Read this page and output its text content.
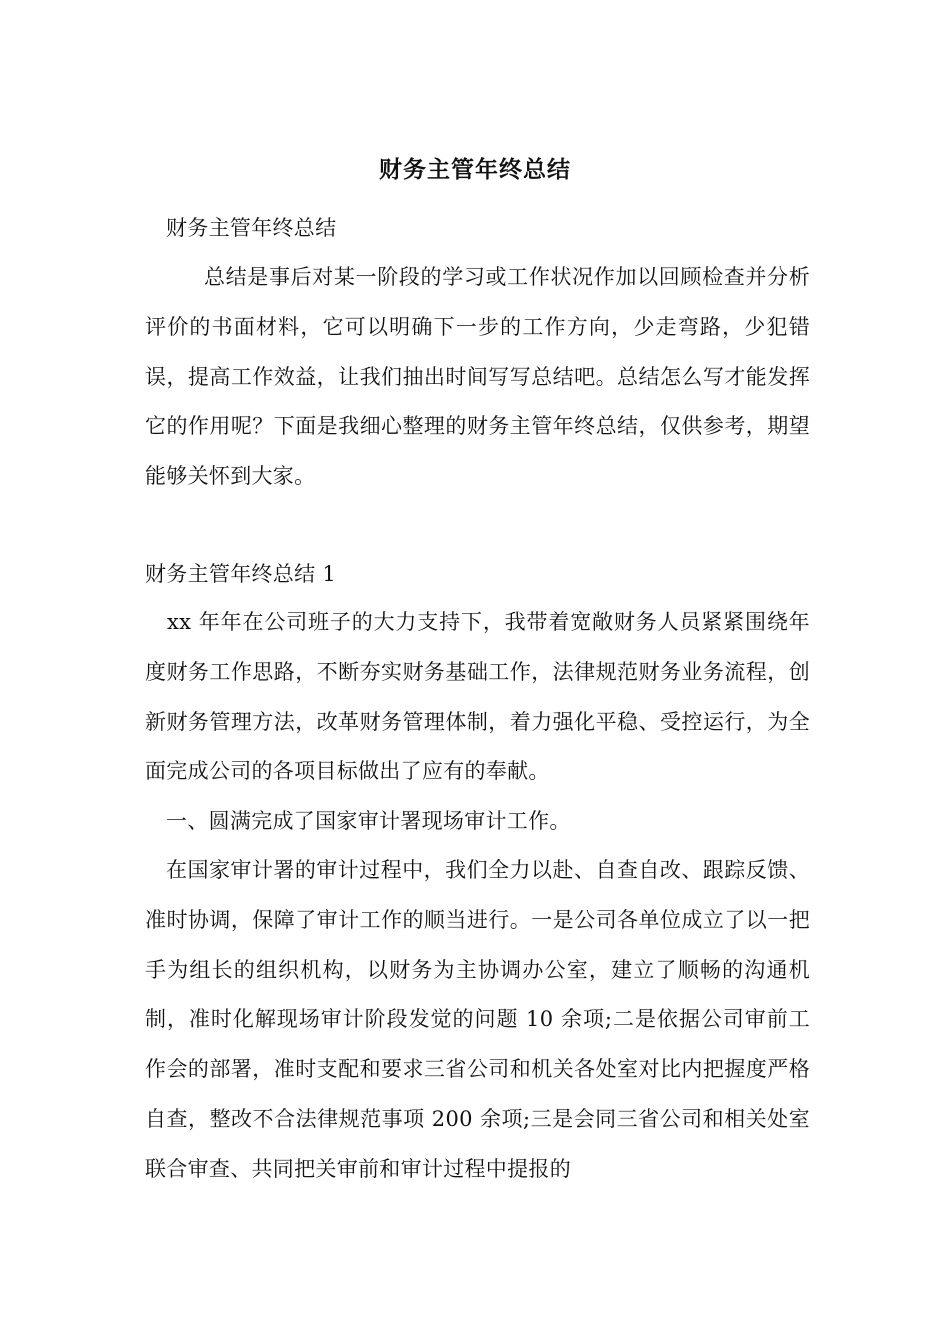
财务主管年终总结

财务主管年终总结

总结是事后对某一阶段的学习或工作状况作加以回顾检查并分析评价的书面材料，它可以明确下一步的工作方向，少走弯路，少犯错误，提高工作效益，让我们抽出时间写写总结吧。总结怎么写才能发挥它的作用呢？下面是我细心整理的财务主管年终总结，仅供参考，期望能够关怀到大家。

财务主管年终总结 1

xx 年年在公司班子的大力支持下，我带着宽敞财务人员紧紧围绕年度财务工作思路，不断夯实财务基础工作，法律规范财务业务流程，创新财务管理方法，改革财务管理体制，着力强化平稳、受控运行，为全面完成公司的各项目标做出了应有的奉献。

一、圆满完成了国家审计署现场审计工作。

在国家审计署的审计过程中，我们全力以赴、自查自改、跟踪反馈、准时协调，保障了审计工作的顺当进行。一是公司各单位成立了以一把手为组长的组织机构，以财务为主协调办公室，建立了顺畅的沟通机制，准时化解现场审计阶段发觉的问题 10 余项;二是依据公司审前工作会的部署，准时支配和要求三省公司和机关各处室对比内把握度严格自查，整改不合法律规范事项 200 余项;三是会同三省公司和相关处室联合审查、共同把关审前和审计过程中提报的
